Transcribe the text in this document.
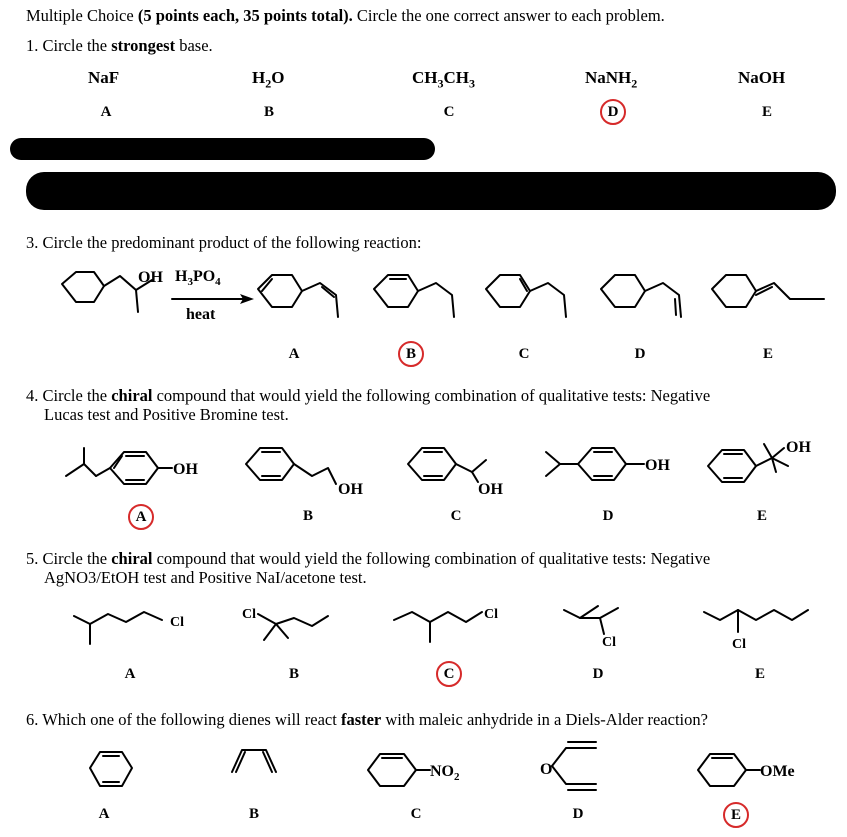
Multiple Choice (5 points each, 35 points total). Circle the one correct answer to each problem.
1. Circle the strongest base.
NaF	$H_2O$	$CH_3CH_3$	NaNH$_2$	NaOH
A	B	C	D	E
3. Circle the predominant product of the following reaction:
OH $H_3PO_4$
heat
A	B	C	D	E
4. Circle the chiral compound that would yield the following combination of qualitative tests: Negative
Lucas test and Positive Bromine test.
OH
OH	OH
OH
OH
A	B	C	D	E
5. Circle the chiral compound that would yield the following combination of qualitative tests: Negative
AgNO3/EtOH test and Positive NaI/acetone test.
Cl
Cl	Cl
Cl	Cl
A	B	C	D	E
6. Which one of the following dienes will react faster with maleic anhydride in a Diels-Alder reaction?
$NO_2$	O	OMe
A	B	C	D	E
